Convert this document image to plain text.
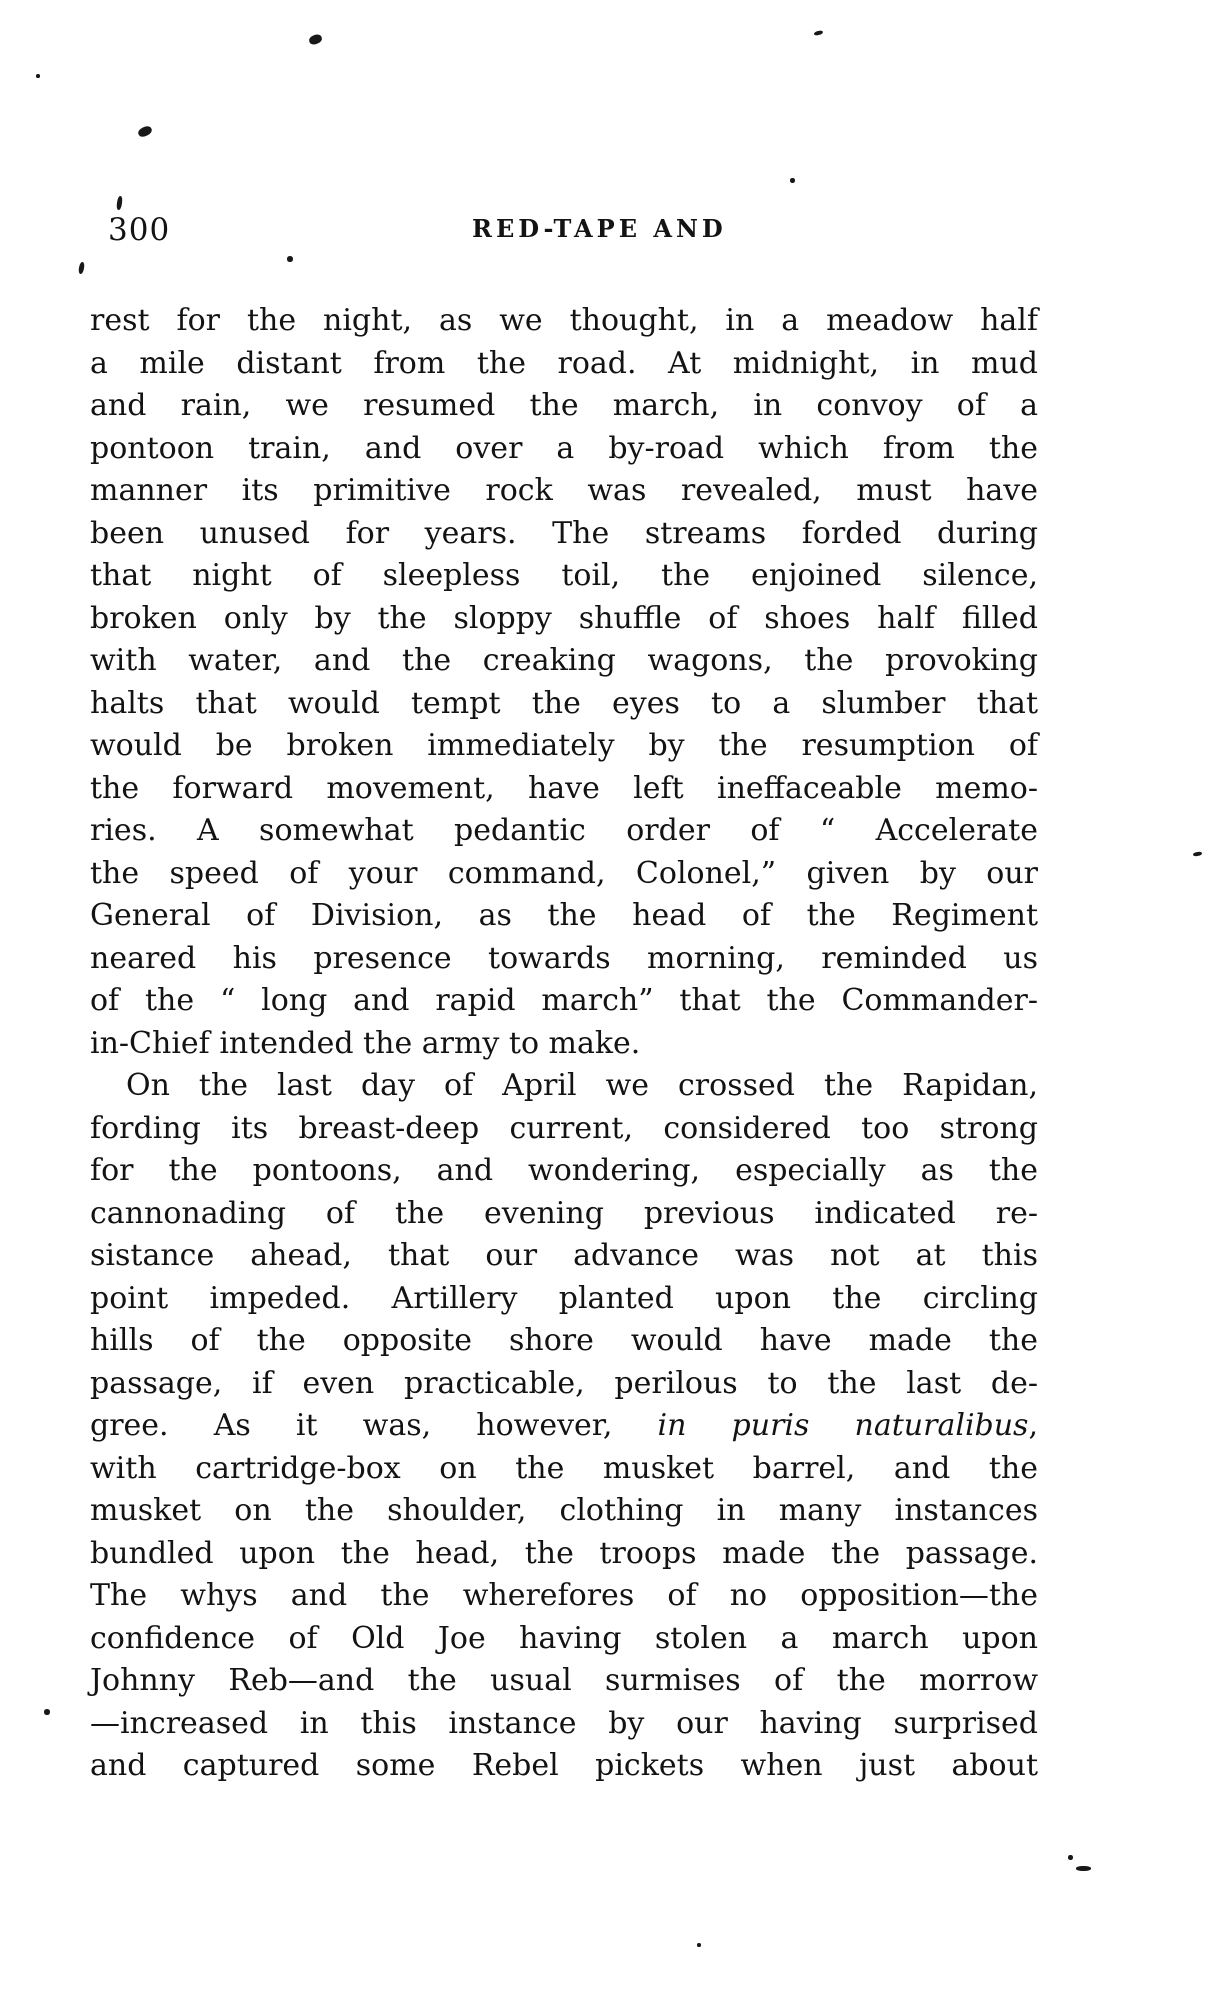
300	RED-TAPE AND
rest for the night, as we thought, in a meadow half
a mile distant from the road. At midnight, in mud
and rain, we resumed the march, in convoy of a
pontoon train, and over a by-road which from the
manner its primitive rock was revealed, must have
been unused for years. The streams forded during
that night of sleepless toil, the enjoined silence,
broken only by the sloppy shuffle of shoes half filled
with water, and the creaking wagons, the provoking
halts that would tempt the eyes to a slumber that
would be broken immediately by the resumption of
the forward movement, have left ineffaceable memo-
ries. A somewhat pedantic order of “ Accelerate
the speed of your command, Colonel,” given by our
General of Division, as the head of the Regiment
neared his presence towards morning, reminded us
of the “ long and rapid march” that the Commander-
in-Chief intended the army to make.
On the last day of April we crossed the Rapidan,
fording its breast-deep current, considered too strong
for the pontoons, and wondering, especially as the
cannonading of the evening previous indicated re-
sistance ahead, that our advance was not at this
point impeded. Artillery planted upon the circling
hills of the opposite shore would have made the
passage, if even practicable, perilous to the last de-
gree. As it was, however, in puris naturalibus,
with cartridge-box on the musket barrel, and the
musket on the shoulder, clothing in many instances
bundled upon the head, the troops made the passage.
The whys and the wherefores of no opposition—the
confidence of Old Joe having stolen a march upon
Johnny Reb—and the usual surmises of the morrow
—increased in this instance by our having surprised
and captured some Rebel pickets when just about
